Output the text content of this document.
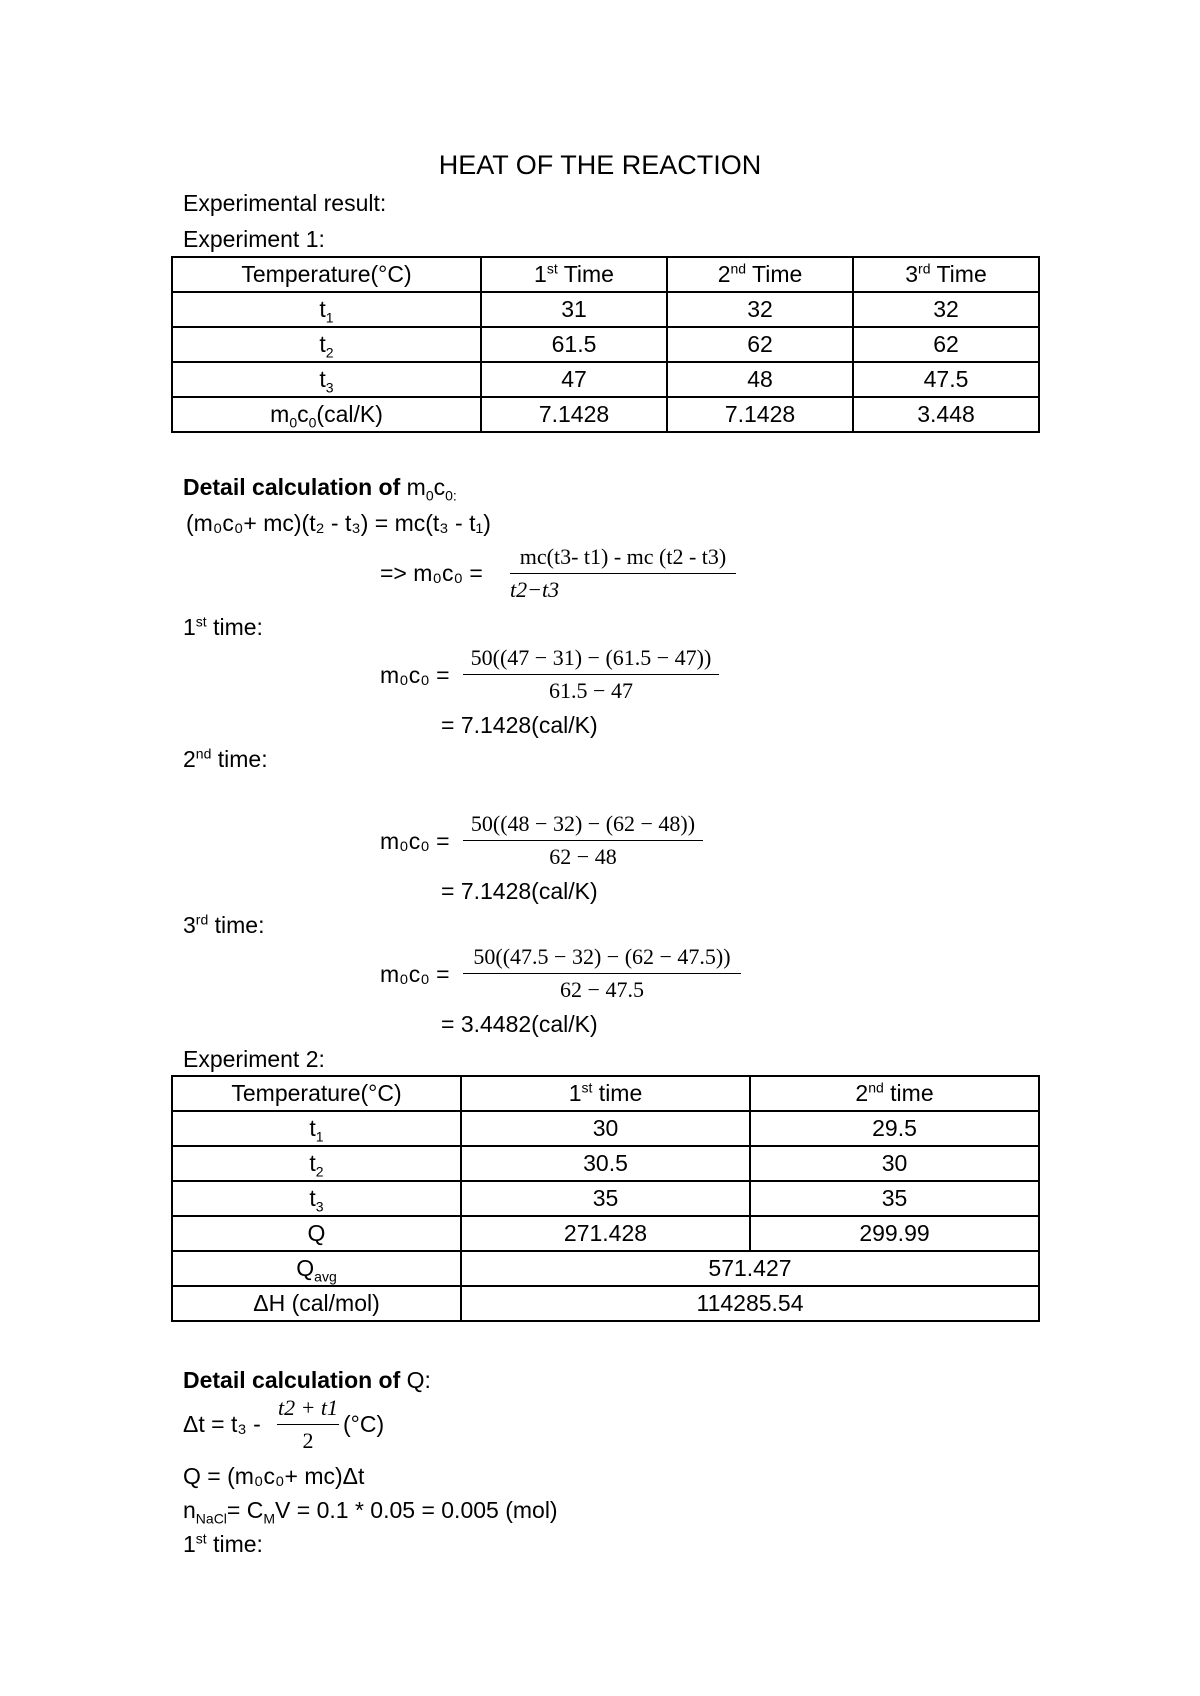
HEAT OF THE REACTION
Experimental result:
Experiment 1:
Temperature(°C)	1st Time	2nd Time	3rd Time
$t_1$	31	32	32
$t_2$	61.5	62	62
$t_3$	47	48	47.5
$m_0c_0(cal/K)$	7.1428	7.1428	3.448
Detail calculation of $m_0c_{0:}$
(m₀c₀+ mc)(t₂ - t₃) = mc(t₃ - t₁)
=> m₀c₀ =
mc(t3- t1) - mc (t2 - t3)
t2−t3
1st time:
m₀c₀ =
50((47 − 31) − (61.5 − 47))
61.5 − 47
= 7.1428(cal/K)
2nd time:
m₀c₀ =
50((48 − 32) − (62 − 48))
62 − 48
= 7.1428(cal/K)
3rd time:
m₀c₀ =
50((47.5 − 32) − (62 − 47.5))
62 − 47.5
= 3.4482(cal/K)
Experiment 2:
Temperature(°C)	1st time	2nd time
$t_1$	30	29.5
$t_2$	30.5	30
$t_3$	35	35
Q	271.428	299.99
$Q_{avg}$	571.427	
ΔH (cal/mol)	114285.54	
Detail calculation of Q:
Δt = t₃ -
t2 + t1
2
(°C)
Q = (m₀c₀+ mc)Δt
$n_{NaCl}= C_MV = 0.1 * 0.05 = 0.005$ (mol)
1st time:
